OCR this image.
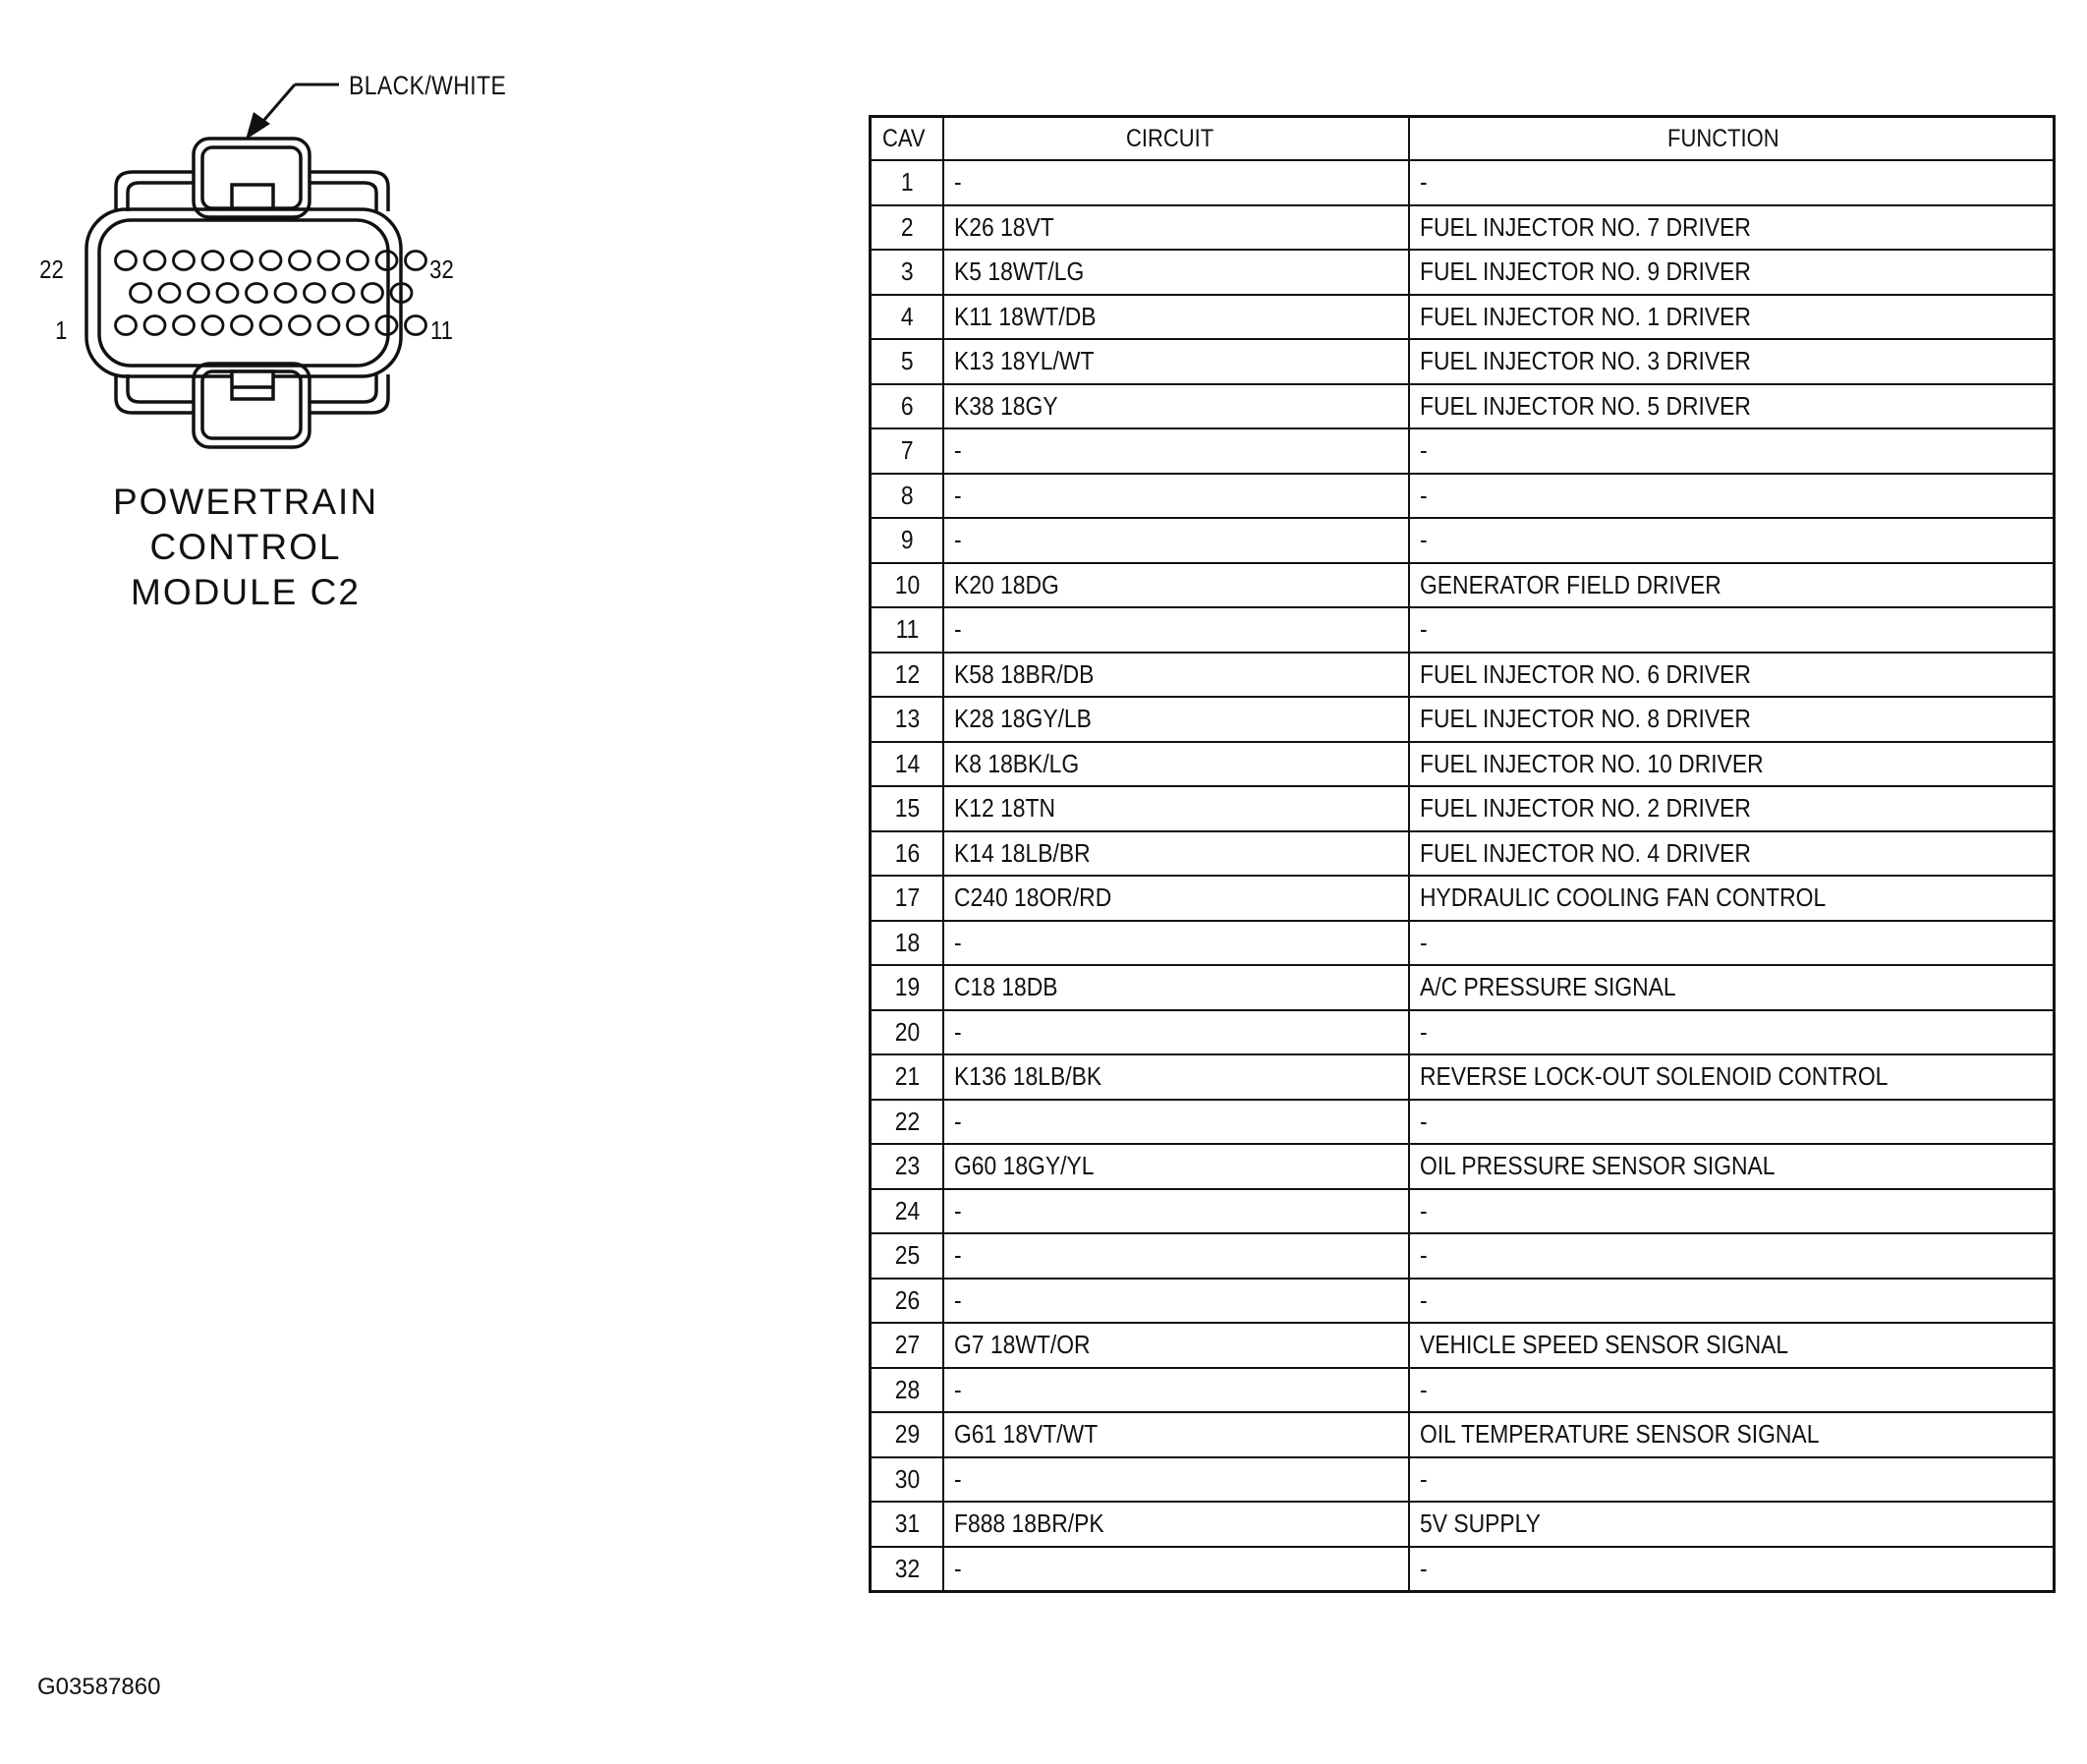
BLACK/WHITE
22
1
32
11
POWERTRAIN
CONTROL
MODULE C2
CAV	CIRCUIT	FUNCTION
1	-	-
2	K26 18VT	FUEL INJECTOR NO. 7 DRIVER
3	K5 18WT/LG	FUEL INJECTOR NO. 9 DRIVER
4	K11 18WT/DB	FUEL INJECTOR NO. 1 DRIVER
5	K13 18YL/WT	FUEL INJECTOR NO. 3 DRIVER
6	K38 18GY	FUEL INJECTOR NO. 5 DRIVER
7	-	-
8	-	-
9	-	-
10	K20 18DG	GENERATOR FIELD DRIVER
11	-	-
12	K58 18BR/DB	FUEL INJECTOR NO. 6 DRIVER
13	K28 18GY/LB	FUEL INJECTOR NO. 8 DRIVER
14	K8 18BK/LG	FUEL INJECTOR NO. 10 DRIVER
15	K12 18TN	FUEL INJECTOR NO. 2 DRIVER
16	K14 18LB/BR	FUEL INJECTOR NO. 4 DRIVER
17	C240 18OR/RD	HYDRAULIC COOLING FAN CONTROL
18	-	-
19	C18 18DB	A/C PRESSURE SIGNAL
20	-	-
21	K136 18LB/BK	REVERSE LOCK-OUT SOLENOID CONTROL
22	-	-
23	G60 18GY/YL	OIL PRESSURE SENSOR SIGNAL
24	-	-
25	-	-
26	-	-
27	G7 18WT/OR	VEHICLE SPEED SENSOR SIGNAL
28	-	-
29	G61 18VT/WT	OIL TEMPERATURE SENSOR SIGNAL
30	-	-
31	F888 18BR/PK	5V SUPPLY
32	-	-
G03587860
